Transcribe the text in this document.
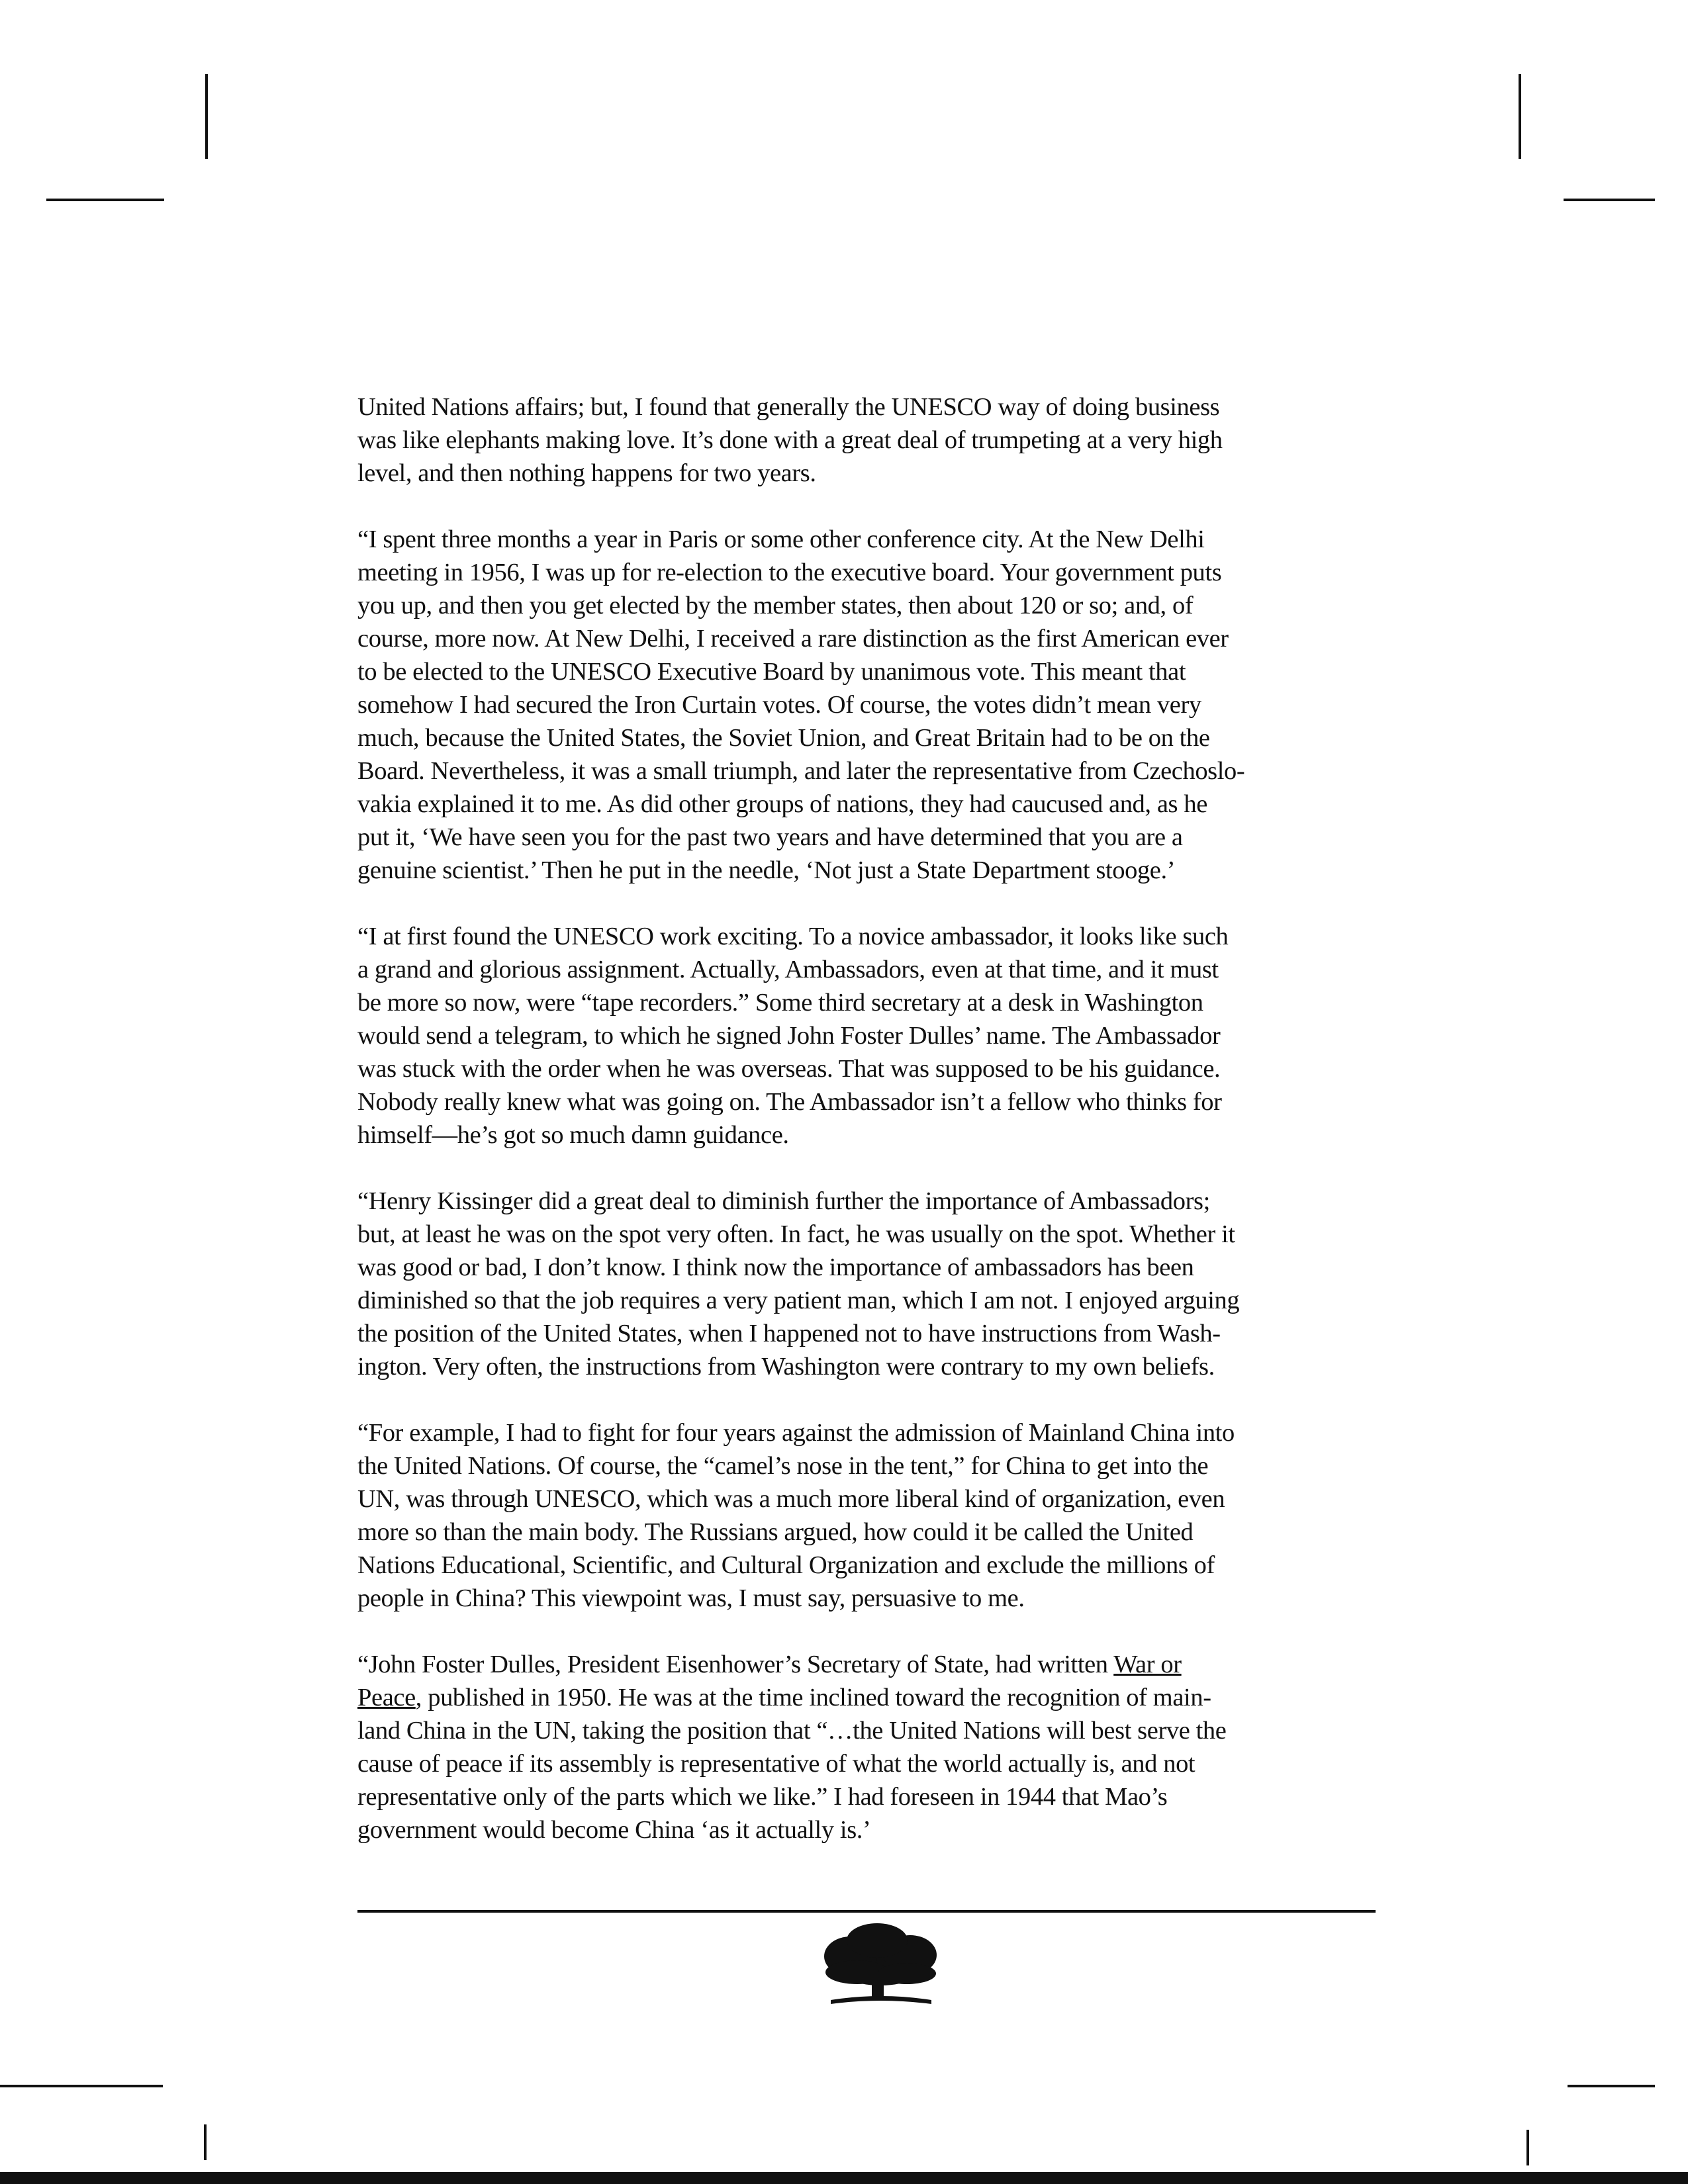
United Nations affairs; but, I found that generally the UNESCO way of doing business
was like elephants making love. It’s done with a great deal of trumpeting at a very high
level, and then nothing happens for two years.

“I spent three months a year in Paris or some other conference city. At the New Delhi
meeting in 1956, I was up for re-election to the executive board. Your government puts
you up, and then you get elected by the member states, then about 120 or so; and, of
course, more now. At New Delhi, I received a rare distinction as the first American ever
to be elected to the UNESCO Executive Board by unanimous vote. This meant that
somehow I had secured the Iron Curtain votes. Of course, the votes didn’t mean very
much, because the United States, the Soviet Union, and Great Britain had to be on the
Board. Nevertheless, it was a small triumph, and later the representative from Czechoslo-
vakia explained it to me. As did other groups of nations, they had caucused and, as he
put it, ‘We have seen you for the past two years and have determined that you are a
genuine scientist.’ Then he put in the needle, ‘Not just a State Department stooge.’

“I at first found the UNESCO work exciting. To a novice ambassador, it looks like such
a grand and glorious assignment. Actually, Ambassadors, even at that time, and it must
be more so now, were “tape recorders.” Some third secretary at a desk in Washington
would send a telegram, to which he signed John Foster Dulles’ name. The Ambassador
was stuck with the order when he was overseas. That was supposed to be his guidance.
Nobody really knew what was going on. The Ambassador isn’t a fellow who thinks for
himself—he’s got so much damn guidance.

“Henry Kissinger did a great deal to diminish further the importance of Ambassadors;
but, at least he was on the spot very often. In fact, he was usually on the spot. Whether it
was good or bad, I don’t know. I think now the importance of ambassadors has been
diminished so that the job requires a very patient man, which I am not. I enjoyed arguing
the position of the United States, when I happened not to have instructions from Wash-
ington. Very often, the instructions from Washington were contrary to my own beliefs.

“For example, I had to fight for four years against the admission of Mainland China into
the United Nations. Of course, the “camel’s nose in the tent,” for China to get into the
UN, was through UNESCO, which was a much more liberal kind of organization, even
more so than the main body. The Russians argued, how could it be called the United
Nations Educational, Scientific, and Cultural Organization and exclude the millions of
people in China? This viewpoint was, I must say, persuasive to me.

“John Foster Dulles, President Eisenhower’s Secretary of State, had written War or
Peace, published in 1950. He was at the time inclined toward the recognition of main-
land China in the UN, taking the position that “…the United Nations will best serve the
cause of peace if its assembly is representative of what the world actually is, and not
representative only of the parts which we like.” I had foreseen in 1944 that Mao’s
government would become China ‘as it actually is.’
